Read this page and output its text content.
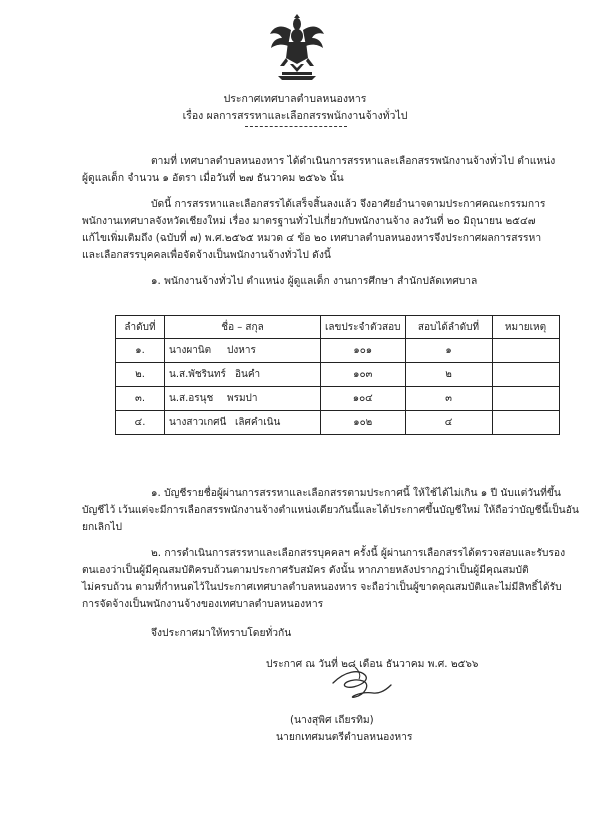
ประกาศเทศบาลตำบลหนองหาร
เรื่อง ผลการสรรหาและเลือกสรรพนักงานจ้างทั่วไป
ตามที่ เทศบาลตำบลหนองหาร ได้ดำเนินการสรรหาและเลือกสรรพนักงานจ้างทั่วไป ตำแหน่ง
ผู้ดูแลเด็ก จำนวน ๑ อัตรา เมื่อวันที่ ๒๗ ธันวาคม ๒๕๖๖ นั้น
บัดนี้ การสรรหาและเลือกสรรได้เสร็จสิ้นลงแล้ว จึงอาศัยอำนาจตามประกาศคณะกรรมการ
พนักงานเทศบาลจังหวัดเชียงใหม่ เรื่อง มาตรฐานทั่วไปเกี่ยวกับพนักงานจ้าง ลงวันที่ ๒๐ มิถุนายน ๒๕๔๗
แก้ไขเพิ่มเติมถึง (ฉบับที่ ๗) พ.ศ.๒๕๖๕ หมวด ๔ ข้อ ๒๐ เทศบาลตำบลหนองหารจึงประกาศผลการสรรหา
และเลือกสรรบุคคลเพื่อจัดจ้างเป็นพนักงานจ้างทั่วไป ดังนี้
๑. พนักงานจ้างทั่วไป ตำแหน่ง ผู้ดูแลเด็ก งานการศึกษา สำนักปลัดเทศบาล
ลำดับที่	ชื่อ – สกุล	เลขประจำตัวสอบ	สอบได้ลำดับที่	หมายเหตุ
๑.	นางผานิต ปงหาร	๑๐๑	๑	
๒.	น.ส.พัชรินทร์ อินคำ	๑๐๓	๒	
๓.	น.ส.อรนุช พรมปา	๑๐๔	๓	
๔.	นางสาวเกศนี เลิศคำเนิน	๑๐๒	๔	
๑. บัญชีรายชื่อผู้ผ่านการสรรหาและเลือกสรรตามประกาศนี้ ให้ใช้ได้ไม่เกิน ๑ ปี นับแต่วันที่ขึ้น
บัญชีไว้ เว้นแต่จะมีการเลือกสรรพนักงานจ้างตำแหน่งเดียวกันนี้และได้ประกาศขึ้นบัญชีใหม่ ให้ถือว่าบัญชีนี้เป็นอัน
ยกเลิกไป
๒. การดำเนินการสรรหาและเลือกสรรบุคคลฯ ครั้งนี้ ผู้ผ่านการเลือกสรรได้ตรวจสอบและรับรอง
ตนเองว่าเป็นผู้มีคุณสมบัติครบถ้วนตามประกาศรับสมัคร ดังนั้น หากภายหลังปรากฏว่าเป็นผู้มีคุณสมบัติ
ไม่ครบถ้วน ตามที่กำหนดไว้ในประกาศเทศบาลตำบลหนองหาร จะถือว่าเป็นผู้ขาดคุณสมบัติและไม่มีสิทธิ์ได้รับ
การจัดจ้างเป็นพนักงานจ้างของเทศบาลตำบลหนองหาร
จึงประกาศมาให้ทราบโดยทั่วกัน
ประกาศ ณ วันที่ ๒๘ เดือน ธันวาคม พ.ศ. ๒๕๖๖
(นางสุพิศ เถียรทิม)
นายกเทศมนตรีตำบลหนองหาร
